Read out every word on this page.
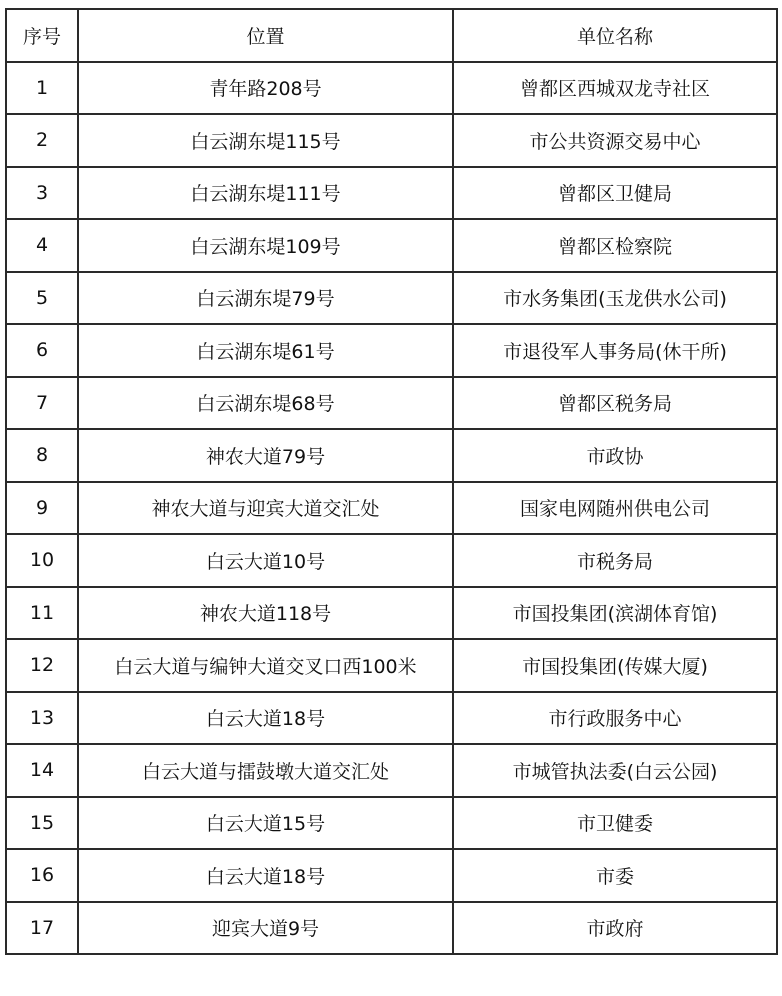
序号	位置	单位名称
1	青年路208号	曾都区西城双龙寺社区
2	白云湖东堤115号	市公共资源交易中心
3	白云湖东堤111号	曾都区卫健局
4	白云湖东堤109号	曾都区检察院
5	白云湖东堤79号	市水务集团(玉龙供水公司)
6	白云湖东堤61号	市退役军人事务局(休干所)
7	白云湖东堤68号	曾都区税务局
8	神农大道79号	市政协
9	神农大道与迎宾大道交汇处	国家电网随州供电公司
10	白云大道10号	市税务局
11	神农大道118号	市国投集团(滨湖体育馆)
12	白云大道与编钟大道交叉口西100米	市国投集团(传媒大厦)
13	白云大道18号	市行政服务中心
14	白云大道与擂鼓墩大道交汇处	市城管执法委(白云公园)
15	白云大道15号	市卫健委
16	白云大道18号	市委
17	迎宾大道9号	市政府
